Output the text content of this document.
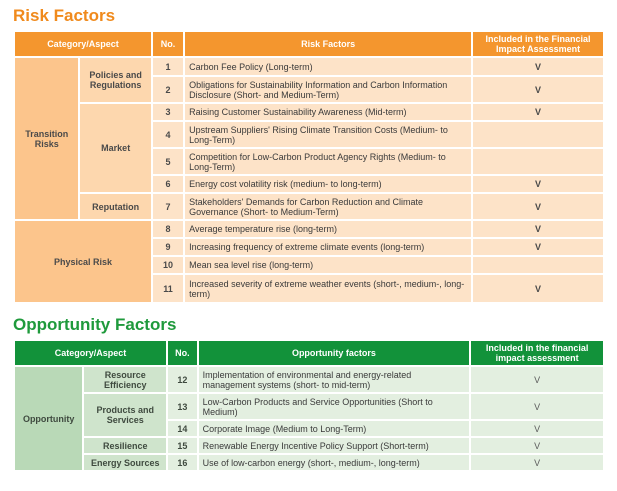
Risk Factors
Category/Aspect		No.	Risk Factors	Included in the Financial Impact Assessment
Transition Risks	Policies and Regulations	1	Carbon Fee Policy (Long-term)	V
		2	Obligations for Sustainability Information and Carbon Information Disclosure (Short- and Medium-Term)	V
	Market	3	Raising Customer Sustainability Awareness (Mid-term)	V
		4	Upstream Suppliers' Rising Climate Transition Costs (Medium- to Long-Term)	
		5	Competition for Low-Carbon Product Agency Rights (Medium- to Long-Term)	
		6	Energy cost volatility risk (medium- to long-term)	V
	Reputation	7	Stakeholders' Demands for Carbon Reduction and Climate Governance (Short- to Medium-Term)	V
Physical Risk		8	Average temperature rise (long-term)	V
		9	Increasing frequency of extreme climate events (long-term)	V
		10	Mean sea level rise (long-term)	
		11	Increased severity of extreme weather events (short-, medium-, long-term)	V
Opportunity Factors
Category/Aspect		No.	Opportunity factors	Included in the financial impact assessment
Opportunity	Resource Efficiency	12	Implementation of environmental and energy-related management systems (short- to mid-term)	V
	Products and Services	13	Low-Carbon Products and Service Opportunities (Short to Medium)	V
		14	Corporate Image (Medium to Long-Term)	V
	Resilience	15	Renewable Energy Incentive Policy Support (Short-term)	V
	Energy Sources	16	Use of low-carbon energy (short-, medium-, long-term)	V
